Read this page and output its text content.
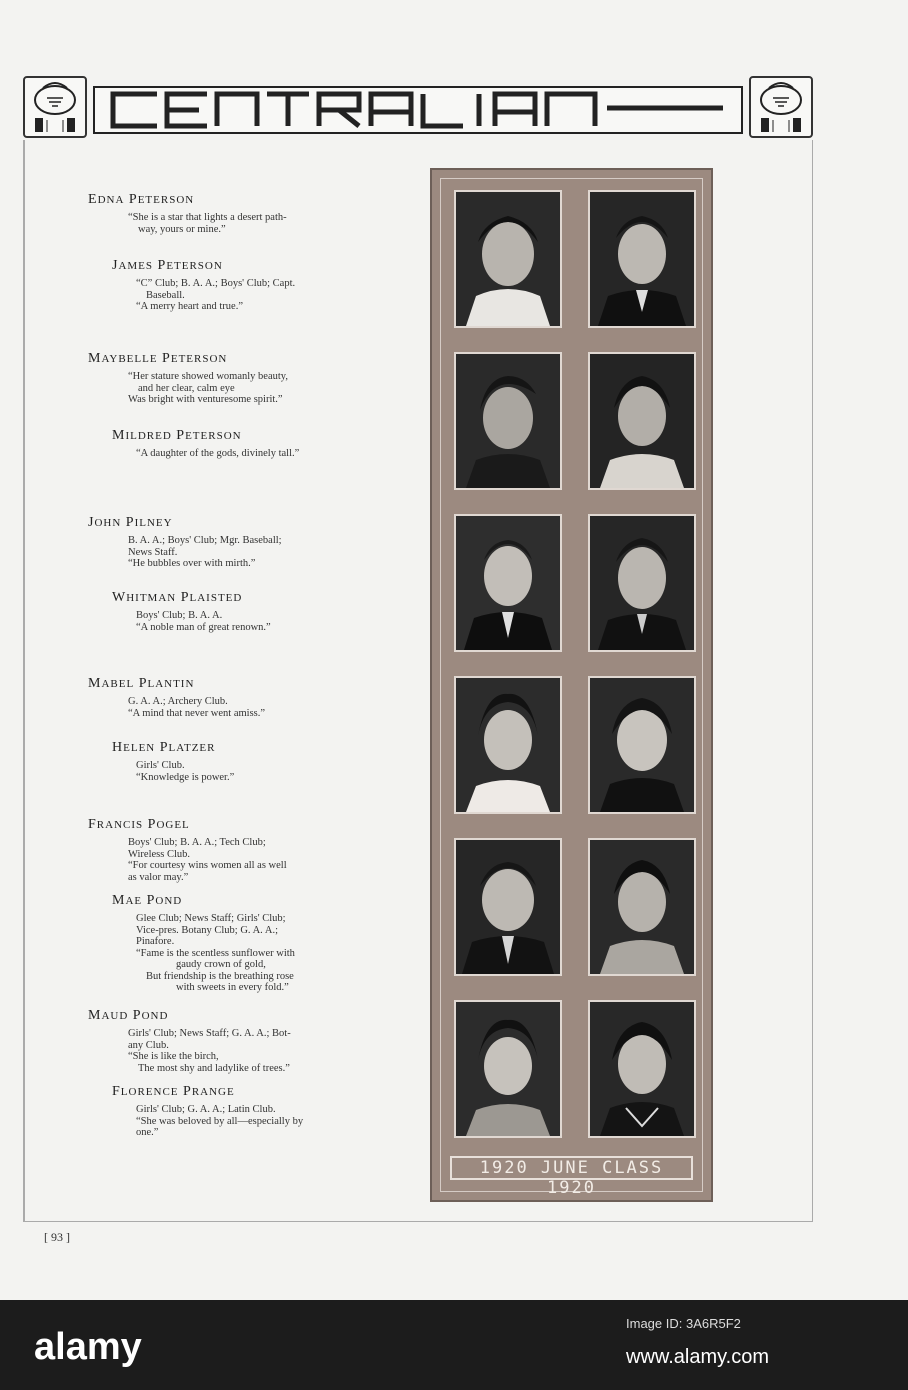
EDNA PETERSON
“She is a star that lights a desert path-
way, yours or mine.”
JAMES PETERSON
“C” Club; B. A. A.; Boys' Club; Capt.
Baseball.
“A merry heart and true.”
MAYBELLE PETERSON
“Her stature showed womanly beauty,
and her clear, calm eye
Was bright with venturesome spirit.”
MILDRED PETERSON
“A daughter of the gods, divinely tall.”
JOHN PILNEY
B. A. A.; Boys' Club; Mgr. Baseball;
News Staff.
“He bubbles over with mirth.”
WHITMAN PLAISTED
Boys' Club; B. A. A.
“A noble man of great renown.”
MABEL PLANTIN
G. A. A.; Archery Club.
“A mind that never went amiss.”
HELEN PLATZER
Girls' Club.
“Knowledge is power.”
FRANCIS POGEL
Boys' Club; B. A. A.; Tech Club;
Wireless Club.
“For courtesy wins women all as well
as valor may.”
MAE POND
Glee Club; News Staff; Girls' Club;
Vice-pres. Botany Club; G. A. A.;
Pinafore.
“Fame is the scentless sunflower with
gaudy crown of gold,
But friendship is the breathing rose
with sweets in every fold.”
MAUD POND
Girls' Club; News Staff; G. A. A.; Bot-
any Club.
“She is like the birch,
The most shy and ladylike of trees.”
FLORENCE PRANGE
Girls' Club; G. A. A.; Latin Club.
“She was beloved by all—especially by
one.”
1920 JUNE CLASS 1920
[ 93 ]
alamy
Image ID: 3A6R5F2
www.alamy.com
